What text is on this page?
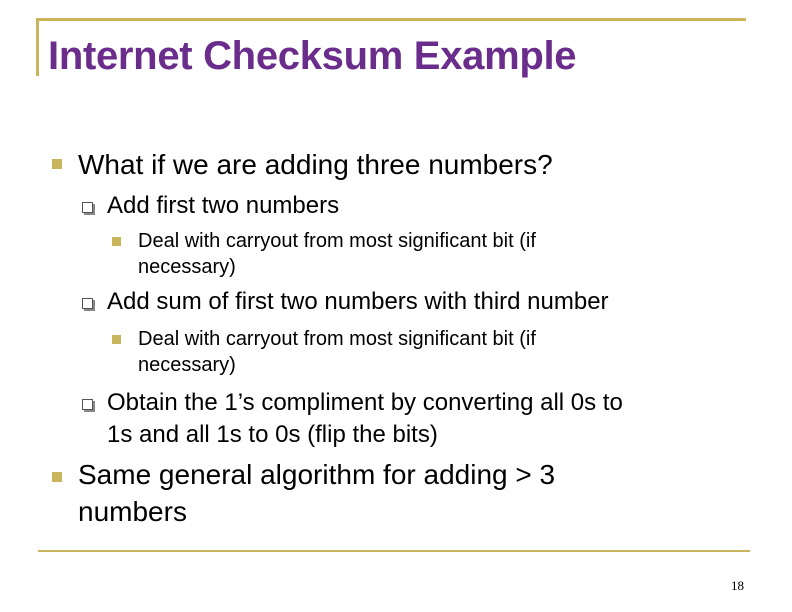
Internet Checksum Example
What if we are adding three numbers?
Add first two numbers
Deal with carryout from most significant bit (if
necessary)
Add sum of first two numbers with third number
Deal with carryout from most significant bit (if
necessary)
Obtain the 1’s compliment by converting all 0s to
1s and all 1s to 0s (flip the bits)
Same general algorithm for adding > 3
numbers
18
